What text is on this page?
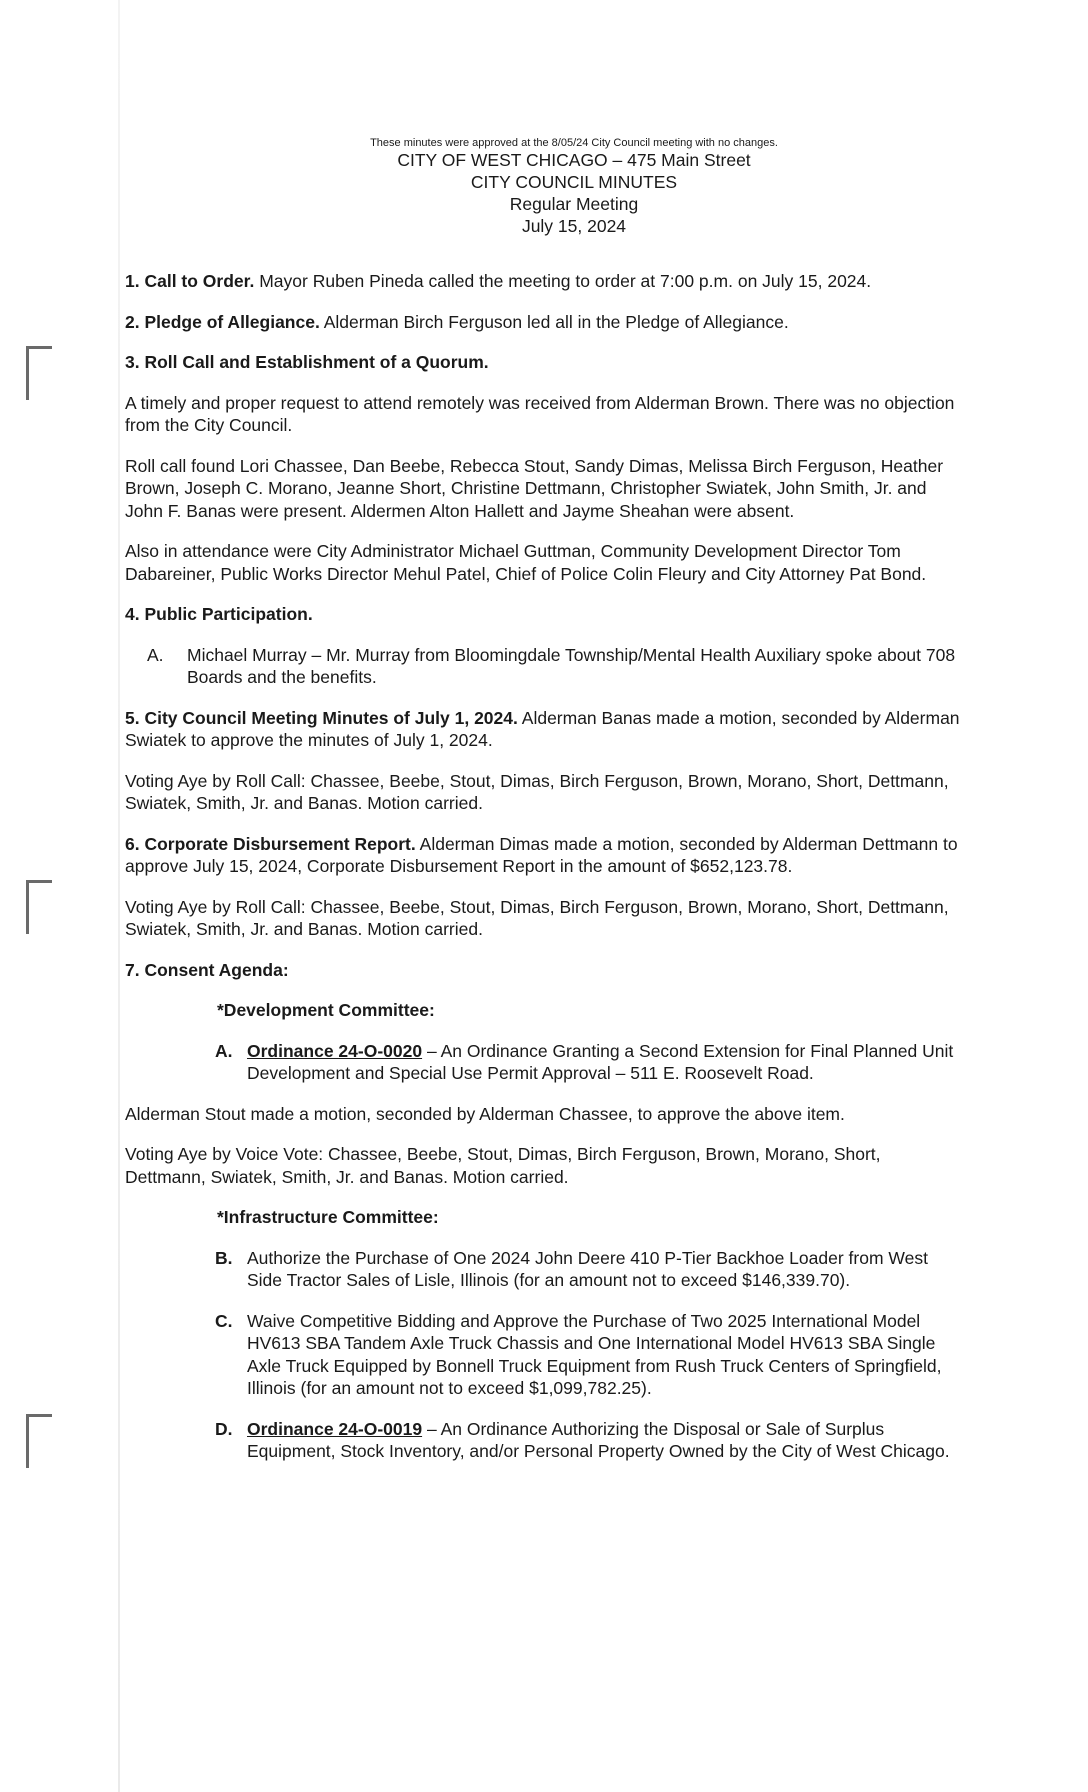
These minutes were approved at the 8/05/24 City Council meeting with no changes.
CITY OF WEST CHICAGO – 475 Main Street
CITY COUNCIL MINUTES
Regular Meeting
July 15, 2024

1. Call to Order. Mayor Ruben Pineda called the meeting to order at 7:00 p.m. on July 15, 2024.

2. Pledge of Allegiance. Alderman Birch Ferguson led all in the Pledge of Allegiance.

3. Roll Call and Establishment of a Quorum.

A timely and proper request to attend remotely was received from Alderman Brown. There was no objection from the City Council.

Roll call found Lori Chassee, Dan Beebe, Rebecca Stout, Sandy Dimas, Melissa Birch Ferguson, Heather Brown, Joseph C. Morano, Jeanne Short, Christine Dettmann, Christopher Swiatek, John Smith, Jr. and John F. Banas were present. Aldermen Alton Hallett and Jayme Sheahan were absent.

Also in attendance were City Administrator Michael Guttman, Community Development Director Tom Dabareiner, Public Works Director Mehul Patel, Chief of Police Colin Fleury and City Attorney Pat Bond.

4. Public Participation.

A.	Michael Murray – Mr. Murray from Bloomingdale Township/Mental Health Auxiliary spoke about 708 Boards and the benefits.

5. City Council Meeting Minutes of July 1, 2024. Alderman Banas made a motion, seconded by Alderman Swiatek to approve the minutes of July 1, 2024.

Voting Aye by Roll Call: Chassee, Beebe, Stout, Dimas, Birch Ferguson, Brown, Morano, Short, Dettmann, Swiatek, Smith, Jr. and Banas. Motion carried.

6. Corporate Disbursement Report. Alderman Dimas made a motion, seconded by Alderman Dettmann to approve July 15, 2024, Corporate Disbursement Report in the amount of $652,123.78.

Voting Aye by Roll Call: Chassee, Beebe, Stout, Dimas, Birch Ferguson, Brown, Morano, Short, Dettmann, Swiatek, Smith, Jr. and Banas. Motion carried.

7. Consent Agenda:

*Development Committee:

A. Ordinance 24-O-0020 – An Ordinance Granting a Second Extension for Final Planned Unit Development and Special Use Permit Approval – 511 E. Roosevelt Road.

Alderman Stout made a motion, seconded by Alderman Chassee, to approve the above item.

Voting Aye by Voice Vote: Chassee, Beebe, Stout, Dimas, Birch Ferguson, Brown, Morano, Short, Dettmann, Swiatek, Smith, Jr. and Banas. Motion carried.

*Infrastructure Committee:

B. Authorize the Purchase of One 2024 John Deere 410 P-Tier Backhoe Loader from West Side Tractor Sales of Lisle, Illinois (for an amount not to exceed $146,339.70).
C. Waive Competitive Bidding and Approve the Purchase of Two 2025 International Model HV613 SBA Tandem Axle Truck Chassis and One International Model HV613 SBA Single Axle Truck Equipped by Bonnell Truck Equipment from Rush Truck Centers of Springfield, Illinois (for an amount not to exceed $1,099,782.25).
D. Ordinance 24-O-0019 – An Ordinance Authorizing the Disposal or Sale of Surplus Equipment, Stock Inventory, and/or Personal Property Owned by the City of West Chicago.
